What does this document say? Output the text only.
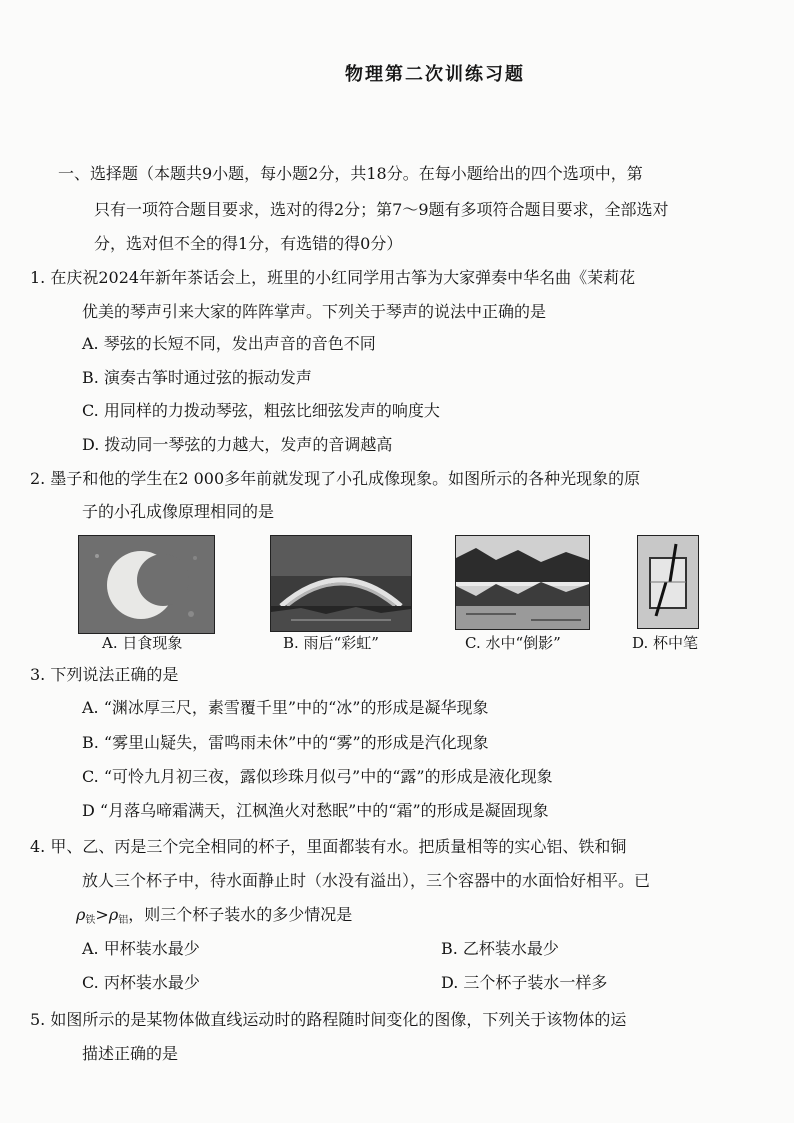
物理第二次训练习题
一、选择题（本题共9小题，每小题2分，共18分。在每小题给出的四个选项中，第
只有一项符合题目要求，选对的得2分；第7～9题有多项符合题目要求，全部选对
分，选对但不全的得1分，有选错的得0分）
1. 在庆祝2024年新年茶话会上，班里的小红同学用古筝为大家弹奏中华名曲《茉莉花
优美的琴声引来大家的阵阵掌声。下列关于琴声的说法中正确的是
A. 琴弦的长短不同，发出声音的音色不同
B. 演奏古筝时通过弦的振动发声
C. 用同样的力拨动琴弦，粗弦比细弦发声的响度大
D. 拨动同一琴弦的力越大，发声的音调越高
2. 墨子和他的学生在2 000多年前就发现了小孔成像现象。如图所示的各种光现象的原
子的小孔成像原理相同的是
A. 日食现象	B. 雨后“彩虹”	C. 水中“倒影”	D. 杯中笔
3. 下列说法正确的是
A. “渊冰厚三尺，素雪覆千里”中的“冰”的形成是凝华现象
B. “雾里山疑失，雷鸣雨未休”中的“雾”的形成是汽化现象
C. “可怜九月初三夜，露似珍珠月似弓”中的“露”的形成是液化现象
D “月落乌啼霜满天，江枫渔火对愁眠”中的“霜”的形成是凝固现象
4. 甲、乙、丙是三个完全相同的杯子，里面都装有水。把质量相等的实心铝、铁和铜
放人三个杯子中，待水面静止时（水没有溢出），三个容器中的水面恰好相平。已
$\rho_铁>\rho_铝$，则三个杯子装水的多少情况是
A. 甲杯装水最少	B. 乙杯装水最少
C. 丙杯装水最少	D. 三个杯子装水一样多
5. 如图所示的是某物体做直线运动时的路程随时间变化的图像，下列关于该物体的运
描述正确的是
